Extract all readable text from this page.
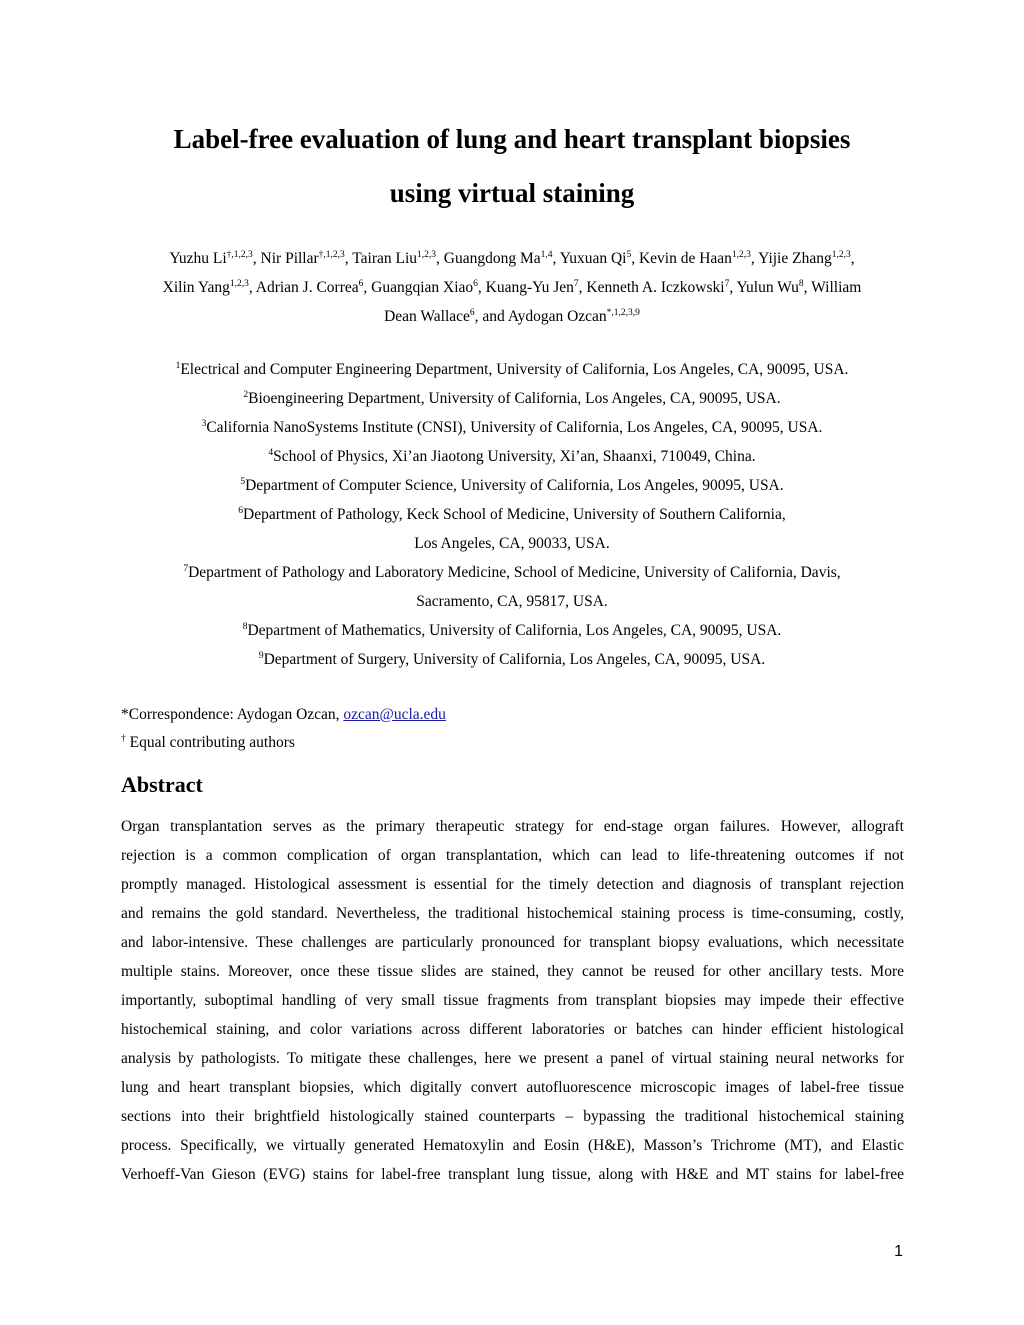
Label-free evaluation of lung and heart transplant biopsies
using virtual staining

Yuzhu $Li^{\dagger,1,2,3}$, Nir Pillar$^{\dagger,1,2,3}$, Tairan Liu$^{1,2,3}$, Guangdong Ma$^{1,4}$, Yuxuan Qi$^5$, Kevin de Haan$^{1,2,3}$, Yijie Zhang$^{1,2,3}$,
Xilin Yang$^{1,2,3}$, Adrian J. Correa$^6$, Guangqian Xiao$^6$, Kuang-Yu Jen$^7$, Kenneth A. Iczkowski$^7$, Yulun Wu$^8$, William
Dean Wallace$^6$, and Aydogan Ozcan$^{*,1,2,3,9}$

$^1$Electrical and Computer Engineering Department, University of California, Los Angeles, CA, 90095, USA.
$^2$Bioengineering Department, University of California, Los Angeles, CA, 90095, USA.
$^3$California NanoSystems Institute (CNSI), University of California, Los Angeles, CA, 90095, USA.
$^4$School of Physics, Xi’an Jiaotong University, Xi’an, Shaanxi, 710049, China.
$^5$Department of Computer Science, University of California, Los Angeles, 90095, USA.
$^6$Department of Pathology, Keck School of Medicine, University of Southern California,
Los Angeles, CA, 90033, USA.
$^7$Department of Pathology and Laboratory Medicine, School of Medicine, University of California, Davis,
Sacramento, CA, 95817, USA.
$^8$Department of Mathematics, University of California, Los Angeles, CA, 90095, USA.
$^9$Department of Surgery, University of California, Los Angeles, CA, 90095, USA.

*Correspondence: Aydogan Ozcan, ozcan@ucla.edu
† Equal contributing authors
Abstract
Organ transplantation serves as the primary therapeutic strategy for end-stage organ failures. However, allograft
rejection is a common complication of organ transplantation, which can lead to life-threatening outcomes if not
promptly managed. Histological assessment is essential for the timely detection and diagnosis of transplant rejection
and remains the gold standard. Nevertheless, the traditional histochemical staining process is time-consuming, costly,
and labor-intensive. These challenges are particularly pronounced for transplant biopsy evaluations, which necessitate
multiple stains. Moreover, once these tissue slides are stained, they cannot be reused for other ancillary tests. More
importantly, suboptimal handling of very small tissue fragments from transplant biopsies may impede their effective
histochemical staining, and color variations across different laboratories or batches can hinder efficient histological
analysis by pathologists. To mitigate these challenges, here we present a panel of virtual staining neural networks for
lung and heart transplant biopsies, which digitally convert autofluorescence microscopic images of label-free tissue
sections into their brightfield histologically stained counterparts – bypassing the traditional histochemical staining
process. Specifically, we virtually generated Hematoxylin and Eosin (H&E), Masson’s Trichrome (MT), and Elastic
Verhoeff-Van Gieson (EVG) stains for label-free transplant lung tissue, along with H&E and MT stains for label-free
1
